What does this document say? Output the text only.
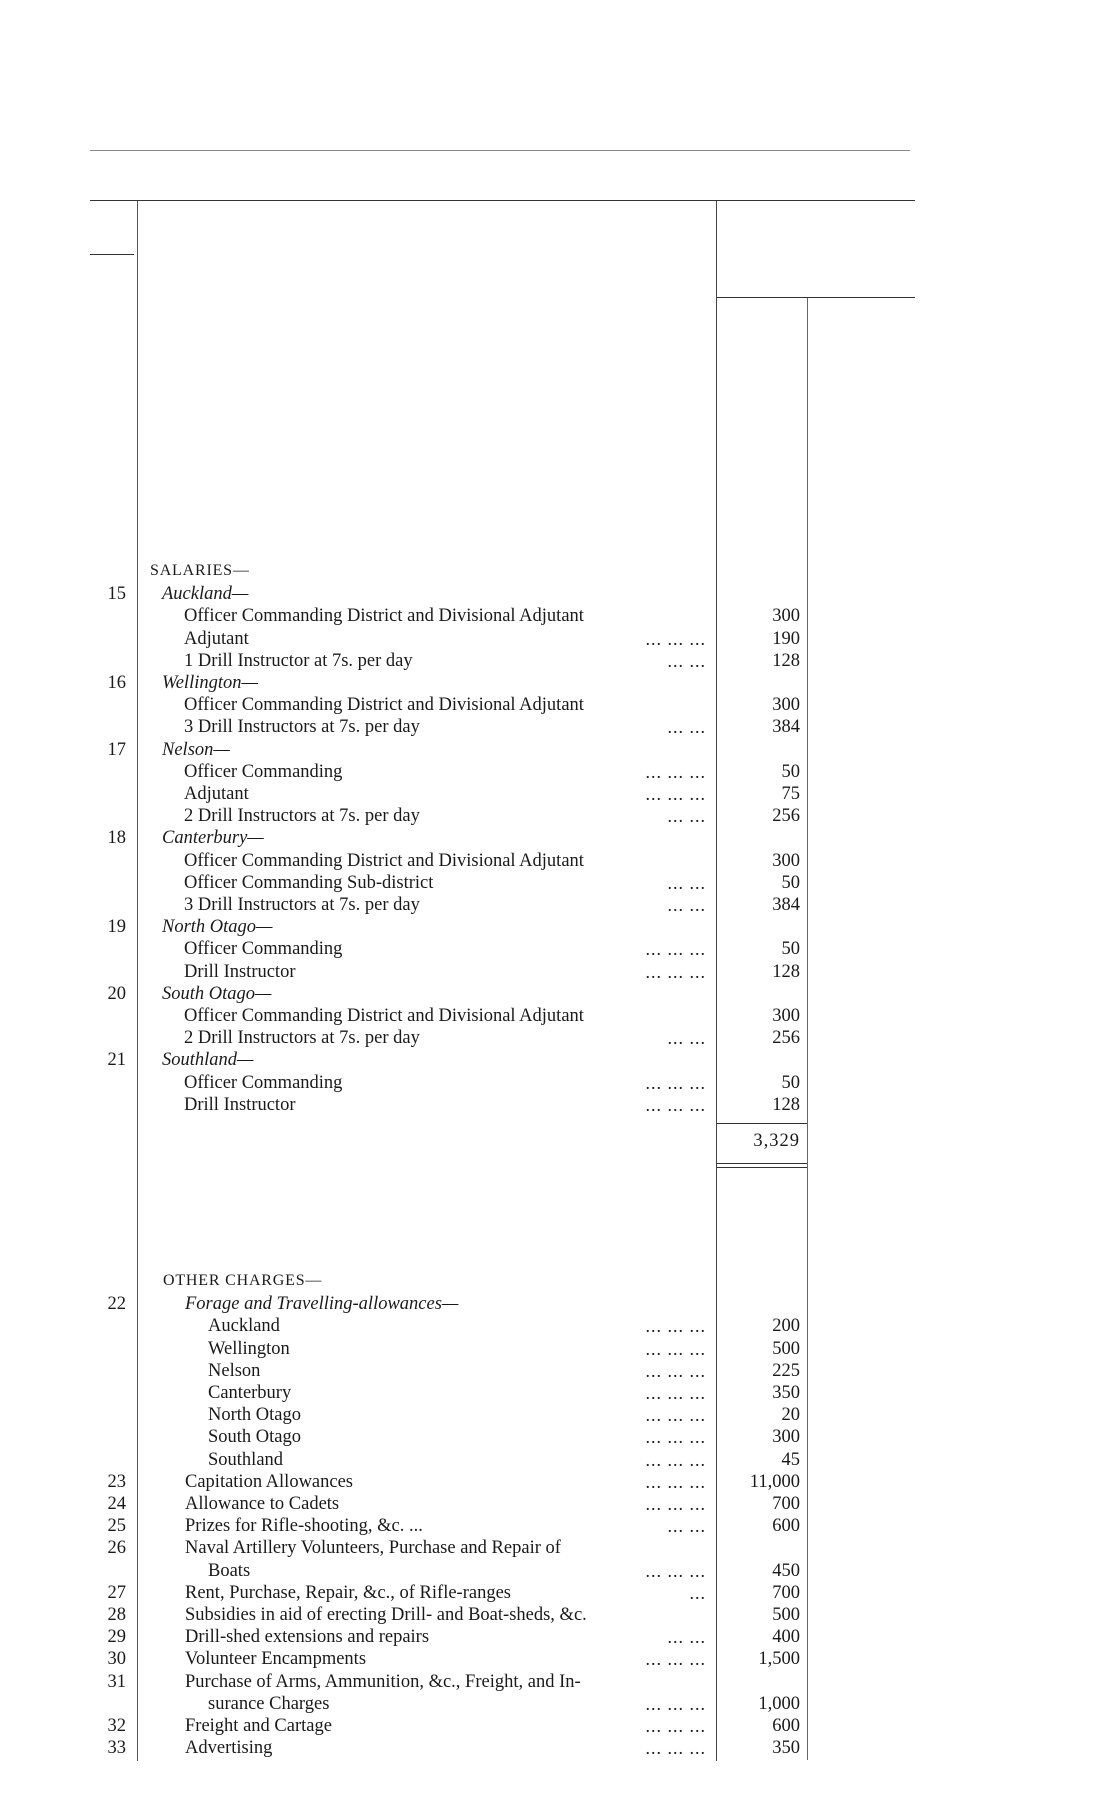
SALARIES—
15 Auckland—
Officer Commanding District and Divisional Adjutant	300
Adjutant	... ... ...	190
1 Drill Instructor at 7s. per day	... ...	128
16 Wellington—
Officer Commanding District and Divisional Adjutant	300
3 Drill Instructors at 7s. per day	... ...	384
17 Nelson—
Officer Commanding	... ... ...	50
Adjutant	... ... ...	75
2 Drill Instructors at 7s. per day	... ...	256
18 Canterbury—
Officer Commanding District and Divisional Adjutant	300
Officer Commanding Sub-district	... ...	50
3 Drill Instructors at 7s. per day	... ...	384
19 North Otago—
Officer Commanding	... ... ...	50
Drill Instructor	... ... ...	128
20 South Otago—
Officer Commanding District and Divisional Adjutant	300
2 Drill Instructors at 7s. per day	... ...	256
21 Southland—
Officer Commanding	... ... ...	50
Drill Instructor	... ... ...	128
3,329
OTHER CHARGES—
22	Forage and Travelling-allowances—
Auckland	... ... ...	200
Wellington	... ... ...	500
Nelson	... ... ...	225
Canterbury	... ... ...	350
North Otago	... ... ...	20
South Otago	... ... ...	300
Southland	... ... ...	45
23	Capitation Allowances	... ... ... 11,000
24	Allowance to Cadets	... ... ...	700
25	Prizes for Rifle-shooting, &c. ...	... ...	600
26	Naval Artillery Volunteers, Purchase and Repair of
Boats	... ... ...	450
27	Rent, Purchase, Repair, &c., of Rifle-ranges	...	700
28	Subsidies in aid of erecting Drill- and Boat-sheds, &c.	500
29	Drill-shed extensions and repairs	... ...	400
30	Volunteer Encampments	... ... ...	1,500
31	Purchase of Arms, Ammunition, &c., Freight, and In-
surance Charges	... ... ...	1,000
32	Freight and Cartage	... ... ...	600
33	Advertising	... ... ...	350
